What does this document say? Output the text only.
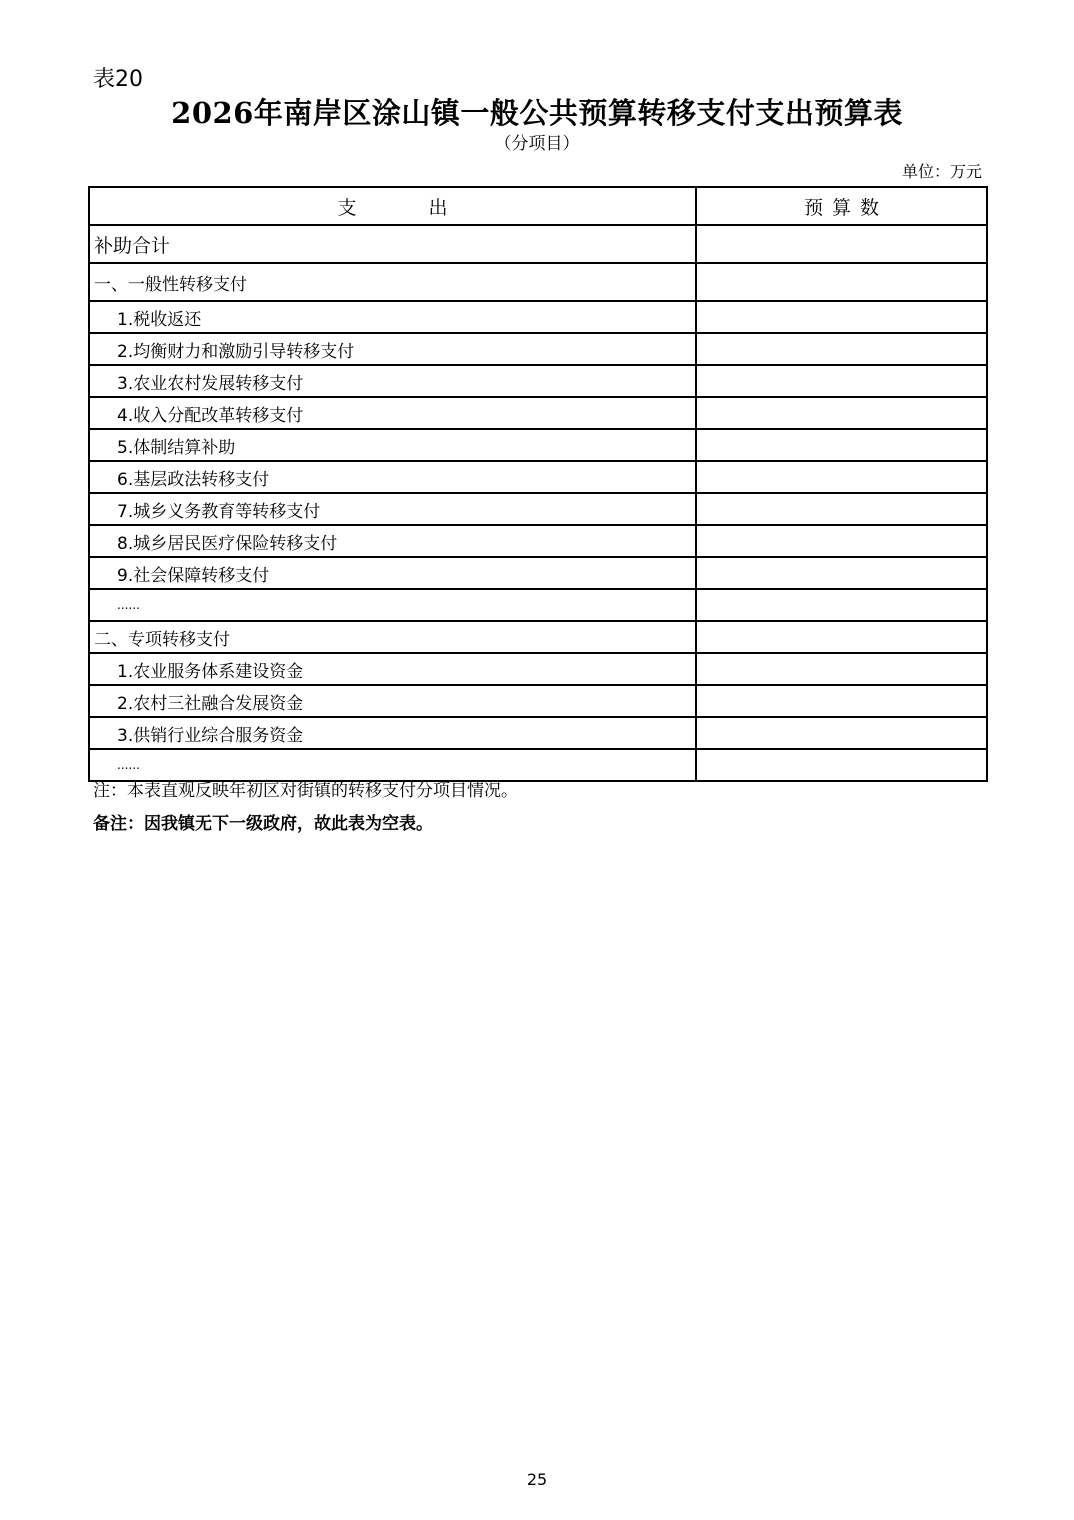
表20
2026年南岸区涂山镇一般公共预算转移支付支出预算表
（分项目）
单位：万元
支出	预算数
补助合计	
一、一般性转移支付	
1.税收返还	
2.均衡财力和激励引导转移支付	
3.农业农村发展转移支付	
4.收入分配改革转移支付	
5.体制结算补助	
6.基层政法转移支付	
7.城乡义务教育等转移支付	
8.城乡居民医疗保险转移支付	
9.社会保障转移支付	
......	
二、专项转移支付	
1.农业服务体系建设资金	
2.农村三社融合发展资金	
3.供销行业综合服务资金	
......	
注：本表直观反映年初区对街镇的转移支付分项目情况。
备注：因我镇无下一级政府，故此表为空表。
25
